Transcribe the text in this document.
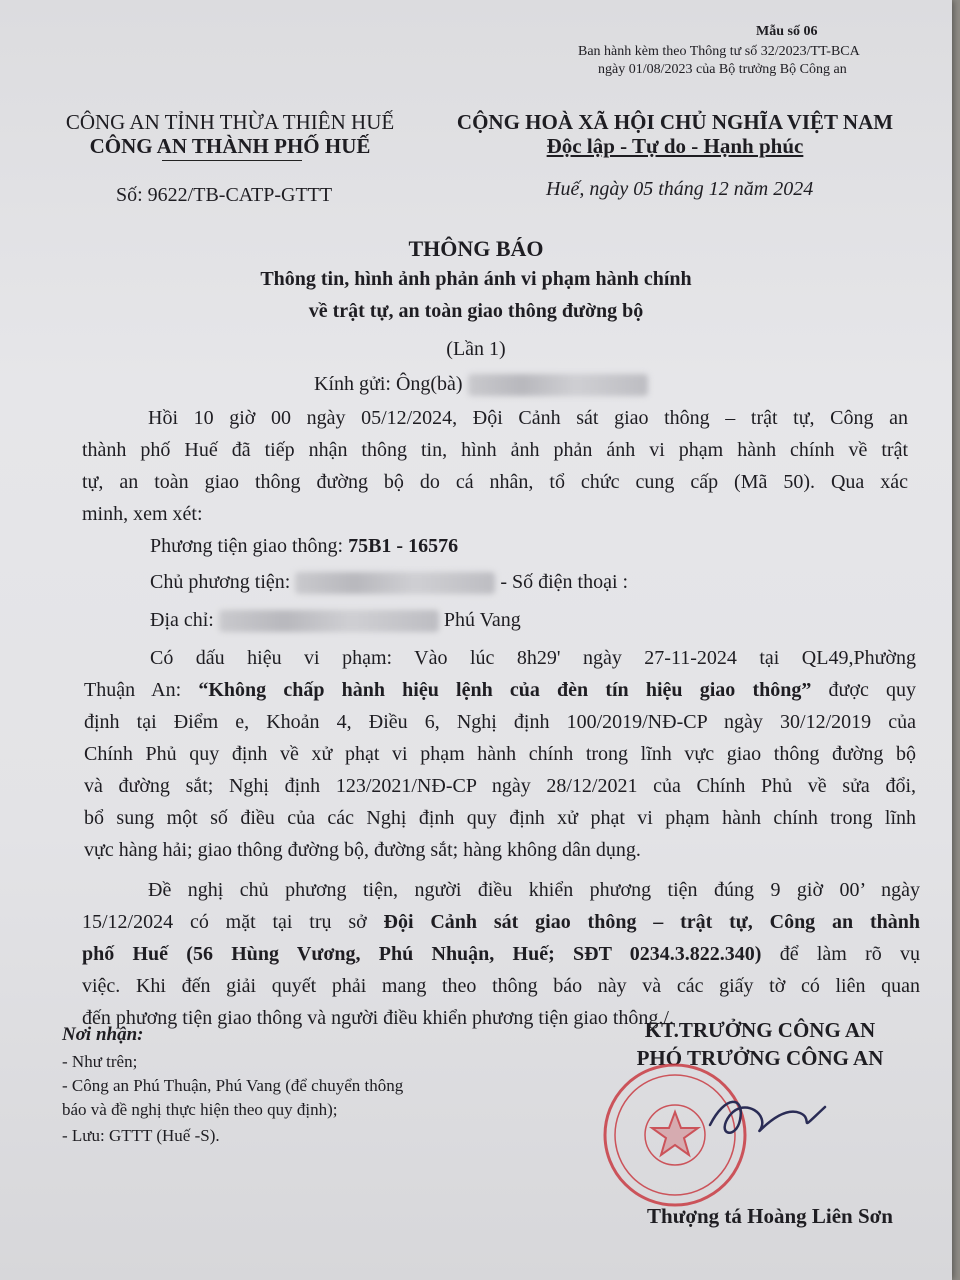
Mẫu số 06
Ban hành kèm theo Thông tư số 32/2023/TT-BCA
ngày 01/08/2023 của Bộ trưởng Bộ Công an
CÔNG AN TỈNH THỪA THIÊN HUẾ
CÔNG AN THÀNH PHỐ HUẾ
Số: 9622/TB-CATP-GTTT
CỘNG HOÀ XÃ HỘI CHỦ NGHĨA VIỆT NAM
Độc lập - Tự do - Hạnh phúc
Huế, ngày 05 tháng 12 năm 2024
THÔNG BÁO
Thông tin, hình ảnh phản ánh vi phạm hành chính
về trật tự, an toàn giao thông đường bộ
(Lần 1)
Kính gửi: Ông(bà)
Hồi 10 giờ 00 ngày 05/12/2024, Đội Cảnh sát giao thông – trật tự, Công an
thành phố Huế đã tiếp nhận thông tin, hình ảnh phản ánh vi phạm hành chính về trật
tự, an toàn giao thông đường bộ do cá nhân, tổ chức cung cấp (Mã 50). Qua xác
minh, xem xét:
Phương tiện giao thông: 75B1 - 16576
Chủ phương tiện:	- Số điện thoại :
Địa chỉ:	Phú Vang
Có dấu hiệu vi phạm: Vào lúc 8h29' ngày 27-11-2024 tại QL49,Phường
Thuận An: “Không chấp hành hiệu lệnh của đèn tín hiệu giao thông” được quy
định tại Điểm e, Khoản 4, Điều 6, Nghị định 100/2019/NĐ-CP ngày 30/12/2019 của
Chính Phủ quy định về xử phạt vi phạm hành chính trong lĩnh vực giao thông đường bộ
và đường sắt; Nghị định 123/2021/NĐ-CP ngày 28/12/2021 của Chính Phủ về sửa đổi,
bổ sung một số điều của các Nghị định quy định xử phạt vi phạm hành chính trong lĩnh
vực hàng hải; giao thông đường bộ, đường sắt; hàng không dân dụng.
Đề nghị chủ phương tiện, người điều khiển phương tiện đúng 9 giờ 00’ ngày
15/12/2024 có mặt tại trụ sở Đội Cảnh sát giao thông – trật tự, Công an thành
phố Huế (56 Hùng Vương, Phú Nhuận, Huế; SĐT 0234.3.822.340) để làm rõ vụ
việc. Khi đến giải quyết phải mang theo thông báo này và các giấy tờ có liên quan
đến phương tiện giao thông và người điều khiển phương tiện giao thông./.
Nơi nhận:
- Như trên;
- Công an Phú Thuận, Phú Vang (để chuyển thông
báo và đề nghị thực hiện theo quy định);
- Lưu: GTTT (Huế -S).
KT.TRƯỞNG CÔNG AN
PHÓ TRƯỞNG CÔNG AN
Thượng tá Hoàng Liên Sơn
